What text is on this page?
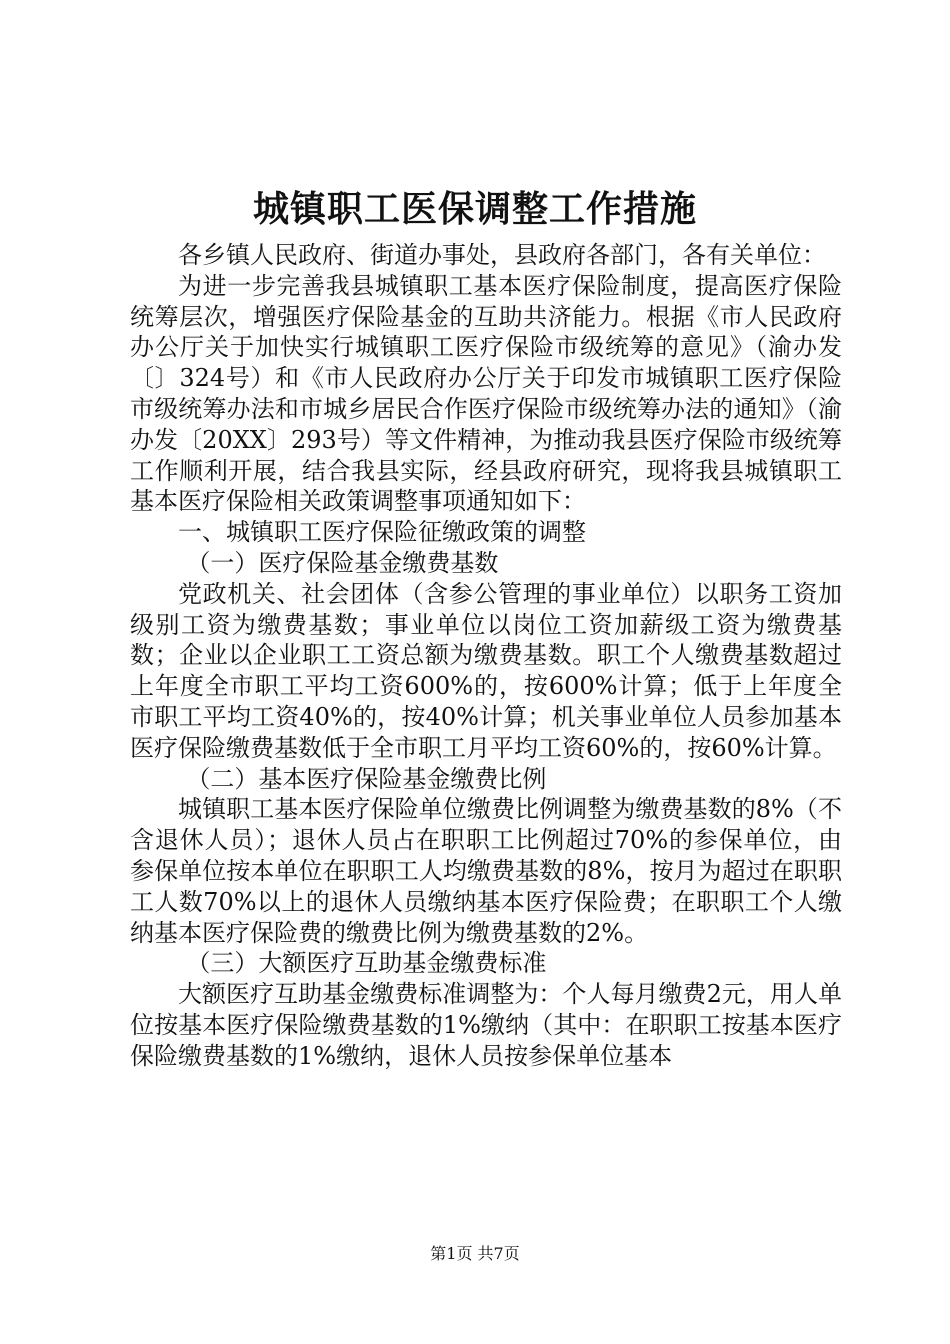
城镇职工医保调整工作措施

各乡镇人民政府、街道办事处，县政府各部门，各有关单位：

为进一步完善我县城镇职工基本医疗保险制度，提高医疗保险统筹层次，增强医疗保险基金的互助共济能力。根据《市人民政府办公厅关于加快实行城镇职工医疗保险市级统筹的意见》（渝办发〔〕324号）和《市人民政府办公厅关于印发市城镇职工医疗保险市级统筹办法和市城乡居民合作医疗保险市级统筹办法的通知》（渝办发〔20XX〕293号）等文件精神，为推动我县医疗保险市级统筹工作顺利开展，结合我县实际，经县政府研究，现将我县城镇职工基本医疗保险相关政策调整事项通知如下：

一、城镇职工医疗保险征缴政策的调整

（一）医疗保险基金缴费基数

党政机关、社会团体（含参公管理的事业单位）以职务工资加级别工资为缴费基数；事业单位以岗位工资加薪级工资为缴费基数；企业以企业职工工资总额为缴费基数。职工个人缴费基数超过上年度全市职工平均工资600%的，按600%计算；低于上年度全市职工平均工资40%的，按40%计算；机关事业单位人员参加基本医疗保险缴费基数低于全市职工月平均工资60%的，按60%计算。

（二）基本医疗保险基金缴费比例

城镇职工基本医疗保险单位缴费比例调整为缴费基数的8%（不含退休人员）；退休人员占在职职工比例超过70%的参保单位，由参保单位按本单位在职职工人均缴费基数的8%，按月为超过在职职工人数70%以上的退休人员缴纳基本医疗保险费；在职职工个人缴纳基本医疗保险费的缴费比例为缴费基数的2%。

（三）大额医疗互助基金缴费标准

大额医疗互助基金缴费标准调整为：个人每月缴费2元，用人单位按基本医疗保险缴费基数的1%缴纳（其中：在职职工按基本医疗保险缴费基数的1%缴纳，退休人员按参保单位基本

第1页 共7页
